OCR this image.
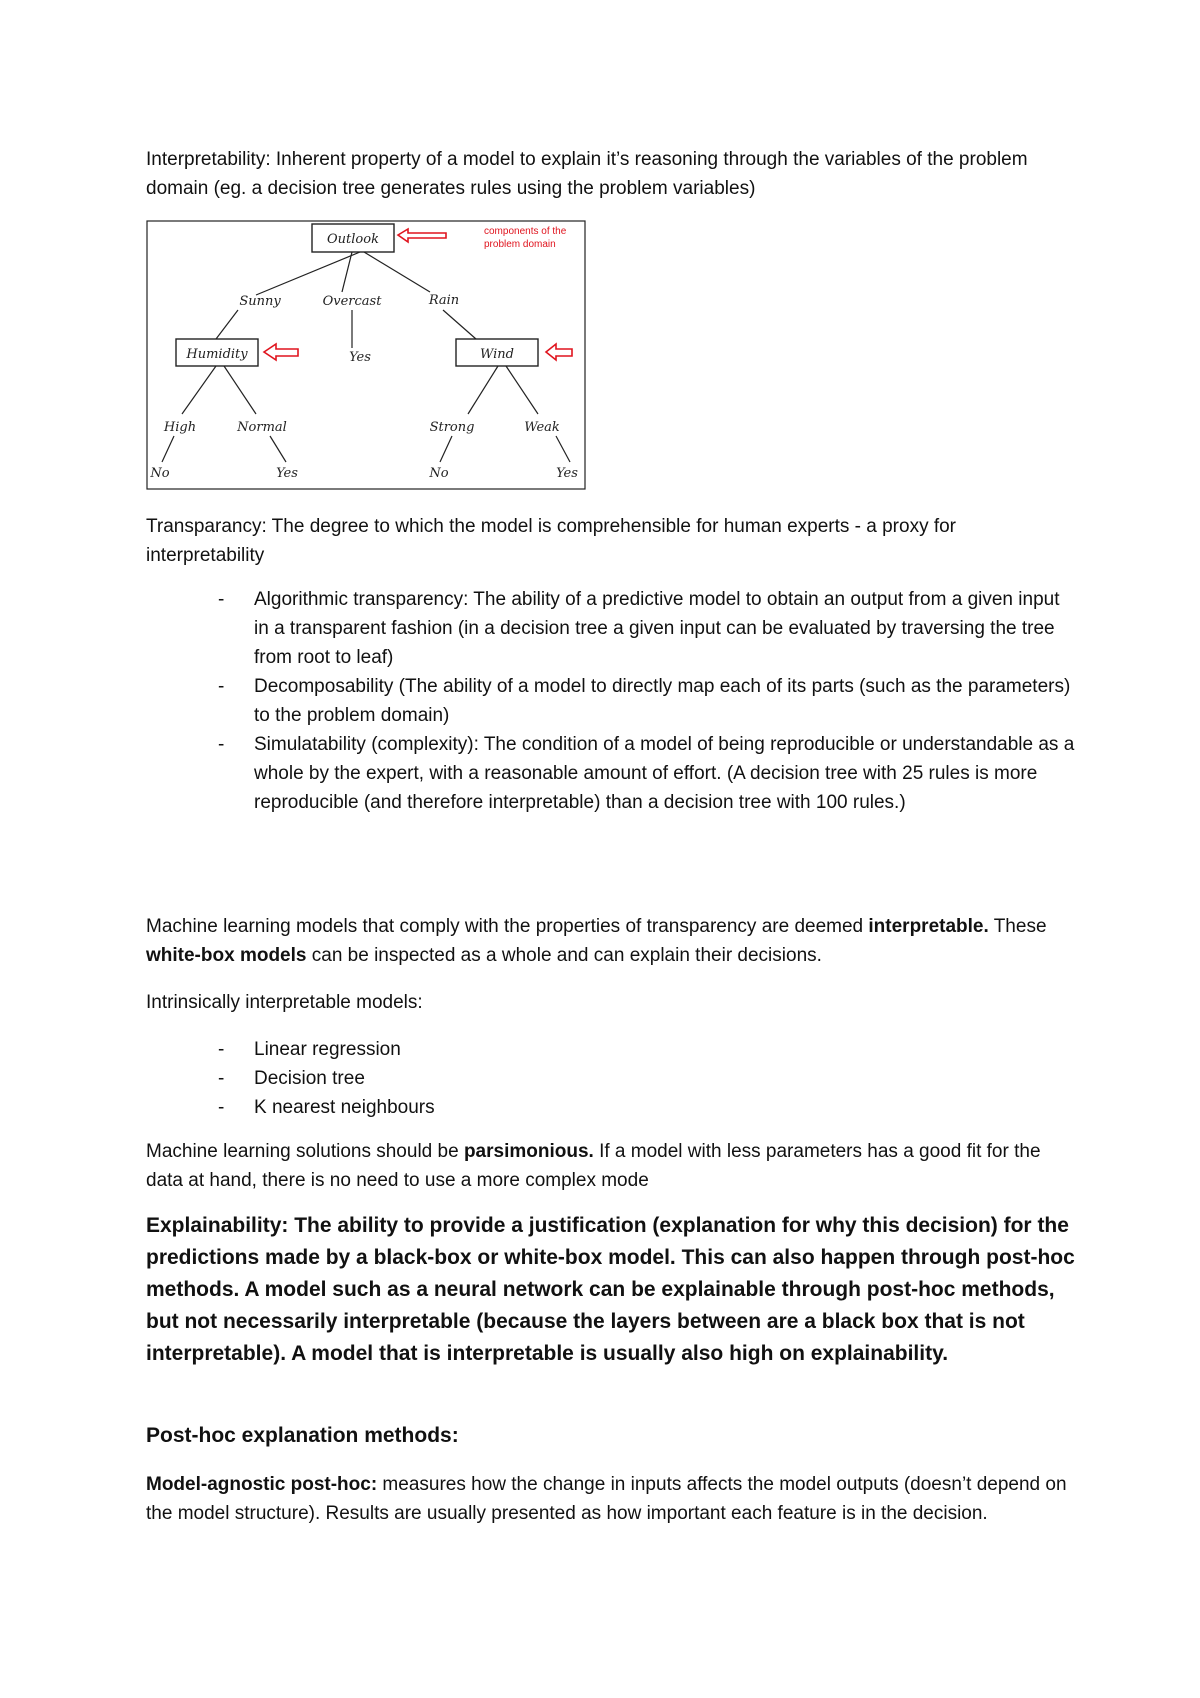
Interpretability: Inherent property of a model to explain it’s reasoning through the variables of the problem domain (eg. a decision tree generates rules using the problem variables)

Outlook
Humidity	Wind
Sunny	Overcast	Rain
Yes
High	Normal	Strong	Weak
No	Yes	No	Yes
components of the
problem domain

Transparancy: The degree to which the model is comprehensible for human experts - a proxy for interpretability

- Algorithmic transparency: The ability of a predictive model to obtain an output from a given input in a transparent fashion (in a decision tree a given input can be evaluated by traversing the tree from root to leaf)
- Decomposability (The ability of a model to directly map each of its parts (such as the parameters) to the problem domain)
- Simulatability (complexity): The condition of a model of being reproducible or understandable as a whole by the expert, with a reasonable amount of effort. (A decision tree with 25 rules is more reproducible (and therefore interpretable) than a decision tree with 100 rules.)

Machine learning models that comply with the properties of transparency are deemed interpretable. These white-box models can be inspected as a whole and can explain their decisions.

Intrinsically interpretable models:

- Linear regression
- Decision tree
- K nearest neighbours

Machine learning solutions should be parsimonious. If a model with less parameters has a good fit for the data at hand, there is no need to use a more complex mode

Explainability: The ability to provide a justification (explanation for why this decision) for the predictions made by a black-box or white-box model. This can also happen through post-hoc methods. A model such as a neural network can be explainable through post-hoc methods, but not necessarily interpretable (because the layers between are a black box that is not interpretable). A model that is interpretable is usually also high on explainability.

Post-hoc explanation methods:

Model-agnostic post-hoc: measures how the change in inputs affects the model outputs (doesn’t depend on the model structure). Results are usually presented as how important each feature is in the decision.
